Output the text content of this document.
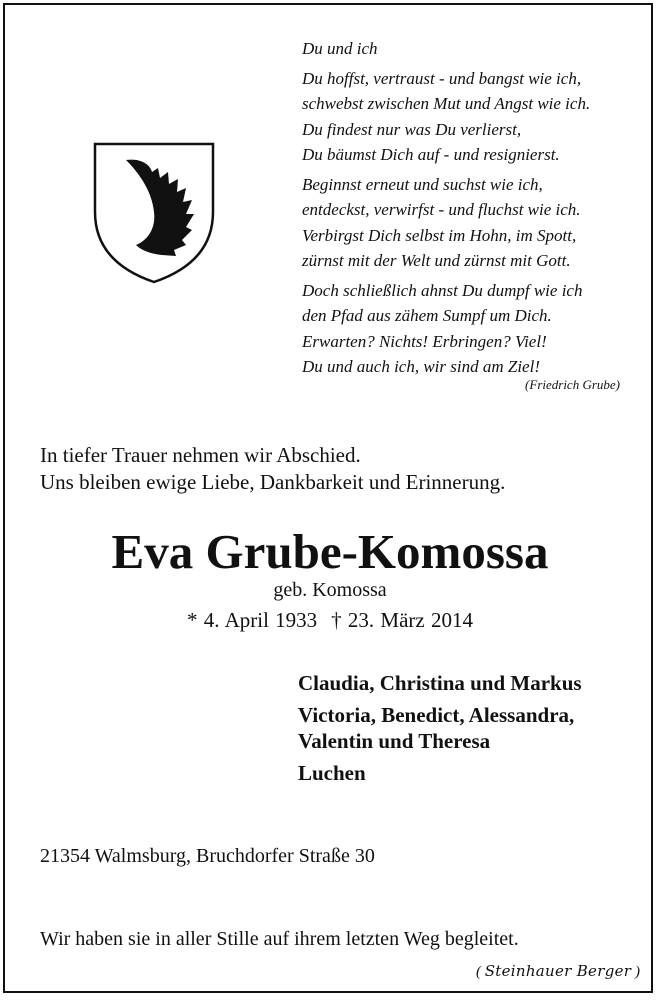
Du und ich
Du hoffst, vertraust - und bangst wie ich,
schwebst zwischen Mut und Angst wie ich.
Du findest nur was Du verlierst,
Du bäumst Dich auf - und resignierst.
Beginnst erneut und suchst wie ich,
entdeckst, verwirfst - und fluchst wie ich.
Verbirgst Dich selbst im Hohn, im Spott,
zürnst mit der Welt und zürnst mit Gott.
Doch schließlich ahnst Du dumpf wie ich
den Pfad aus zähem Sumpf um Dich.
Erwarten? Nichts! Erbringen? Viel!
Du und auch ich, wir sind am Ziel!
(Friedrich Grube)
In tiefer Trauer nehmen wir Abschied.
Uns bleiben ewige Liebe, Dankbarkeit und Erinnerung.
Eva Grube-Komossa
geb. Komossa
* 4. April 1933 † 23. März 2014
Claudia, Christina und Markus
Victoria, Benedict, Alessandra,
Valentin und Theresa
Luchen
21354 Walmsburg, Bruchdorfer Straße 30
Wir haben sie in aller Stille auf ihrem letzten Weg begleitet.
( Steinhauer Berger )
